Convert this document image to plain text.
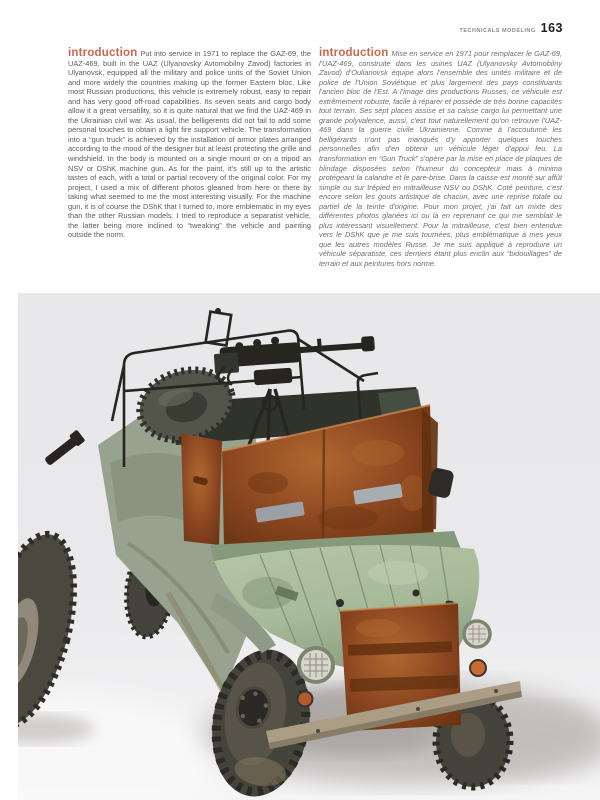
TECHNICALS MODELING 163

introduction Put into service in 1971 to replace the GAZ-69, the UAZ-469, built in the UAZ (Ulyanovsky Avtomobilny Zavod) factories in Ulyanovsk, equipped all the military and police units of the Soviet Union and more widely the countries making up the former Eastern bloc. Like most Russian productions, this vehicle is extremely robust, easy to repair and has very good off-road capabilities. Its seven seats and cargo body allow it a great versatility, so it is quite natural that we find the UAZ-469 in the Ukrainian civil war. As usual, the belligerents did not fail to add some personal touches to obtain a light fire support vehicle. The transformation into a “gun truck” is achieved by the installation of armor plates arranged according to the mood of the designer but at least protecting the grille and windshield. In the body is mounted on a single mount or on a tripod an NSV or DShK machine gun. As for the paint, it's still up to the artistic tastes of each, with a total or partial recovery of the original color. For my project, I used a mix of different photos gleaned from here or there by taking what seemed to me the most interesting visually. For the machine gun, it is of course the DShK that I turned to, more emblematic in my eyes than the other Russian models. I tried to reproduce a separatist vehicle, the latter being more inclined to “tweaking” the vehicle and painting outside the norm.

introduction Mise en service en 1971 pour remplacer le GAZ-69, l'UAZ-469, construite dans les usines UAZ (Ulyanovsky Avtomobilny Zavod) d'Oulianovsk équipe alors l'ensemble des unités militaire et de police de l'Union Soviétique et plus largement des pays constituants l'ancien bloc de l'Est. A l'image des productions Russes, ce véhicule est extrêmement robuste, facile à réparer et possède de très bonne capacités tout terrain. Ses sept places assise et sa caisse cargo lui permettant une grande polyvalence, aussi, c'est tout naturellement qu'on retrouve l'UAZ-469 dans la guerre civile Ukrainienne. Comme à l'accoutumé les belligérants n'ont pas manqués d'y apporter quelques touches personnelles afin d'en obtenir un véhicule léger d'appui feu. La transformation en “Gun Truck” s'opère par la mise en place de plaques de blindage disposées selon l'humeur du concepteur mais à minima protégeant la calandre et le pare-brise. Dans la caisse est monté sur affût simple ou sur trépied en mitrailleuse NSV ou DShK. Coté peinture, c'est encore selon les gouts artistique de chacun, avec une reprise totale ou partiel de la teinte d'origine. Pour mon projet, j'ai fait un mixte des différentes photos glanées ici ou là en reprenant ce qui me semblait le plus intéressant visuellement. Pour la mitrailleuse, c'est bien entendue vers le DShK que je me suis tournées, plus emblématique à mes yeux que les autres modèles Russe. Je me suis appliqué à reproduire un véhicule séparatiste, ces derniers étant plus enclin aux “bidouillages” de terrain et aux peintures hors norme.
